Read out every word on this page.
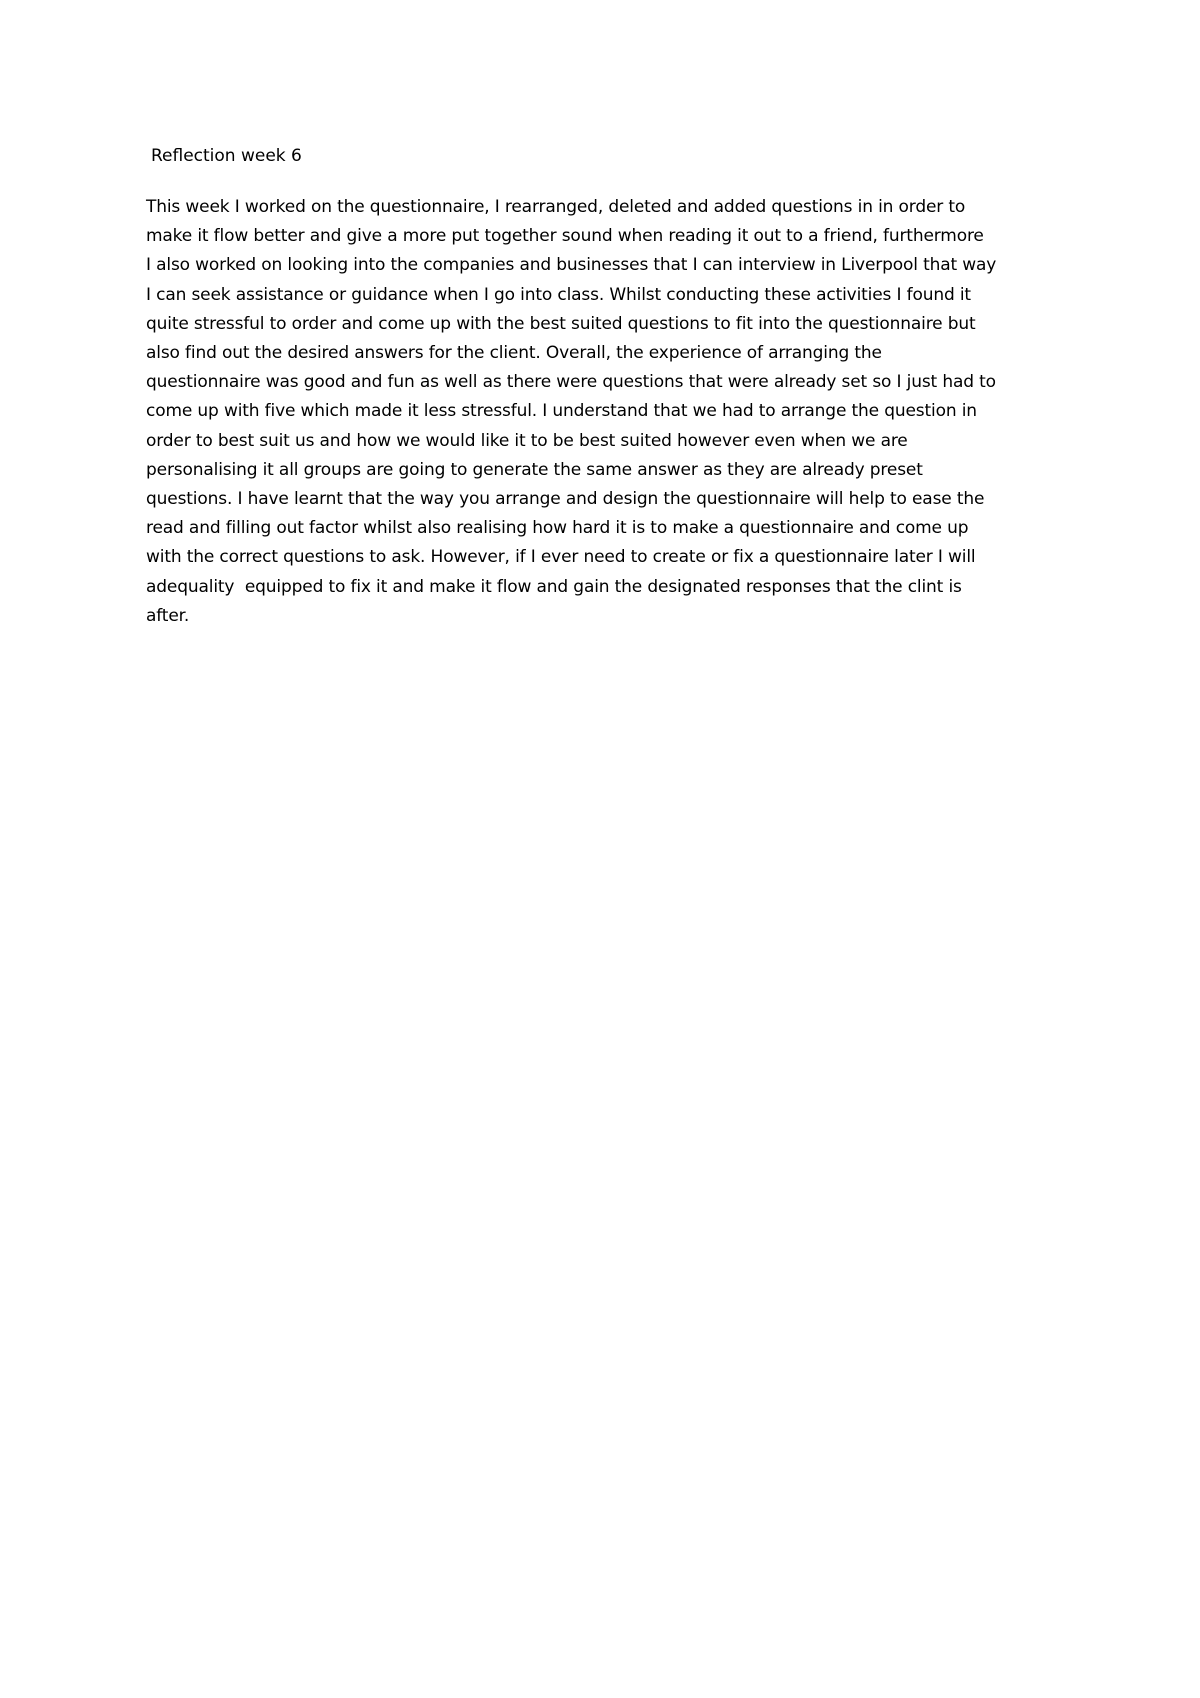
Reflection week 6
This week I worked on the questionnaire, I rearranged, deleted and added questions in in order to
make it flow better and give a more put together sound when reading it out to a friend, furthermore
I also worked on looking into the companies and businesses that I can interview in Liverpool that way
I can seek assistance or guidance when I go into class. Whilst conducting these activities I found it
quite stressful to order and come up with the best suited questions to fit into the questionnaire but
also find out the desired answers for the client. Overall, the experience of arranging the
questionnaire was good and fun as well as there were questions that were already set so I just had to
come up with five which made it less stressful. I understand that we had to arrange the question in
order to best suit us and how we would like it to be best suited however even when we are
personalising it all groups are going to generate the same answer as they are already preset
questions. I have learnt that the way you arrange and design the questionnaire will help to ease the
read and filling out factor whilst also realising how hard it is to make a questionnaire and come up
with the correct questions to ask. However, if I ever need to create or fix a questionnaire later I will
adequality  equipped to fix it and make it flow and gain the designated responses that the clint is
after.
